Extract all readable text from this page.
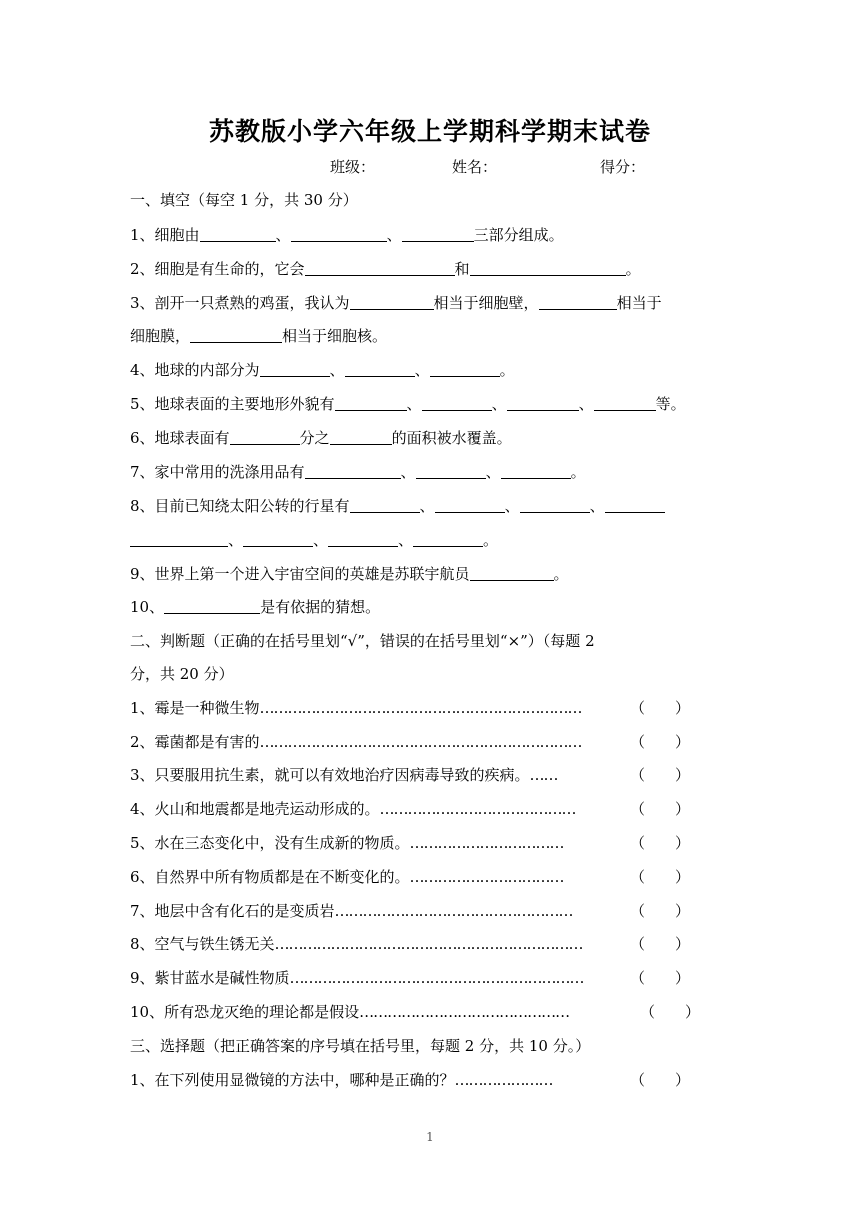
苏教版小学六年级上学期科学期末试卷
班级：	姓名：	得分：
一、填空（每空 1 分，共 30 分）
1、细胞由	、	、	三部分组成。
2、细胞是有生命的，它会	和	。
3、剖开一只煮熟的鸡蛋，我认为	相当于细胞壁，	相当于
细胞膜，	相当于细胞核。
4、地球的内部分为	、	、	。
5、地球表面的主要地形外貌有	、	、	、	等。
6、地球表面有	分之	的面积被水覆盖。
7、家中常用的洗涤用品有	、	、	。
8、目前已知绕太阳公转的行星有	、	、	、
、	、	、	。
9、世界上第一个进入宇宙空间的英雄是苏联宇航员	。
10、	是有依据的猜想。
二、判断题（正确的在括号里划“√”，错误的在括号里划“×”）（每题 2
分，共 20 分）
1、霉是一种微生物……………………………………………………………	（　　）
2、霉菌都是有害的……………………………………………………………	（　　）
3、只要服用抗生素，就可以有效地治疗因病毒导致的疾病。……	（　　）
4、火山和地震都是地壳运动形成的。……………………………………	（　　）
5、水在三态变化中，没有生成新的物质。……………………………	（　　）
6、自然界中所有物质都是在不断变化的。……………………………	（　　）
7、地层中含有化石的是变质岩……………………………………………	（　　）
8、空气与铁生锈无关…………………………………………………………	（　　）
9、紫甘蓝水是碱性物质………………………………………………………	（　　）
10、所有恐龙灭绝的理论都是假设………………………………………	（　　）
三、选择题（把正确答案的序号填在括号里，每题 2 分，共 10 分。）
1、在下列使用显微镜的方法中，哪种是正确的？…………………	（　　）
1
